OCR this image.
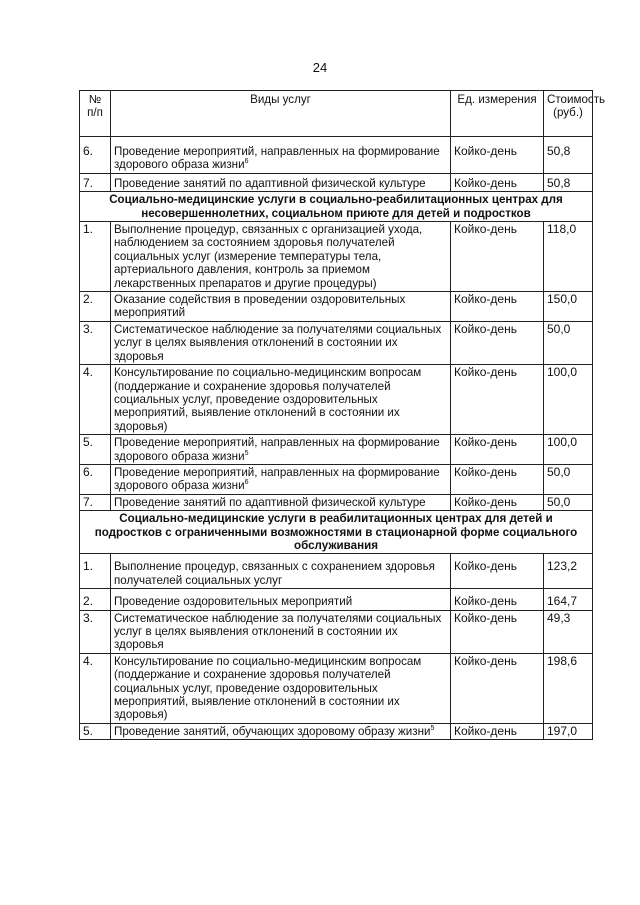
24
№ п/п	Виды услуг	Ед. измерения	Стоимость (руб.)
6.	Проведение мероприятий, направленных на формирование здорового образа жизни$^6$	Койко-день	50,8
7.	Проведение занятий по адаптивной физической культуре	Койко-день	50,8
Социально-медицинские услуги в социально-реабилитационных центрах для несовершеннолетних, социальном приюте для детей и подростков			
1.	Выполнение процедур, связанных с организацией ухода, наблюдением за состоянием здоровья получателей социальных услуг (измерение температуры тела, артериального давления, контроль за приемом лекарственных препаратов и другие процедуры)	Койко-день	118,0
2.	Оказание содействия в проведении оздоровительных мероприятий	Койко-день	150,0
3.	Систематическое наблюдение за получателями социальных услуг в целях выявления отклонений в состоянии их здоровья	Койко-день	50,0
4.	Консультирование по социально-медицинским вопросам (поддержание и сохранение здоровья получателей социальных услуг, проведение оздоровительных мероприятий, выявление отклонений в состоянии их здоровья)	Койко-день	100,0
5.	Проведение мероприятий, направленных на формирование здорового образа жизни$^5$	Койко-день	100,0
6.	Проведение мероприятий, направленных на формирование здорового образа жизни$^6$	Койко-день	50,0
7.	Проведение занятий по адаптивной физической культуре	Койко-день	50,0
Социально-медицинские услуги в реабилитационных центрах для детей и подростков с ограниченными возможностями в стационарной форме социального обслуживания			
1.	Выполнение процедур, связанных с сохранением здоровья получателей социальных услуг	Койко-день	123,2
2.	Проведение оздоровительных мероприятий	Койко-день	164,7
3.	Систематическое наблюдение за получателями социальных услуг в целях выявления отклонений в состоянии их здоровья	Койко-день	49,3
4.	Консультирование по социально-медицинским вопросам (поддержание и сохранение здоровья получателей социальных услуг, проведение оздоровительных мероприятий, выявление отклонений в состоянии их здоровья)	Койко-день	198,6
5.	Проведение занятий, обучающих здоровому образу жизни$^5$	Койко-день	197,0
